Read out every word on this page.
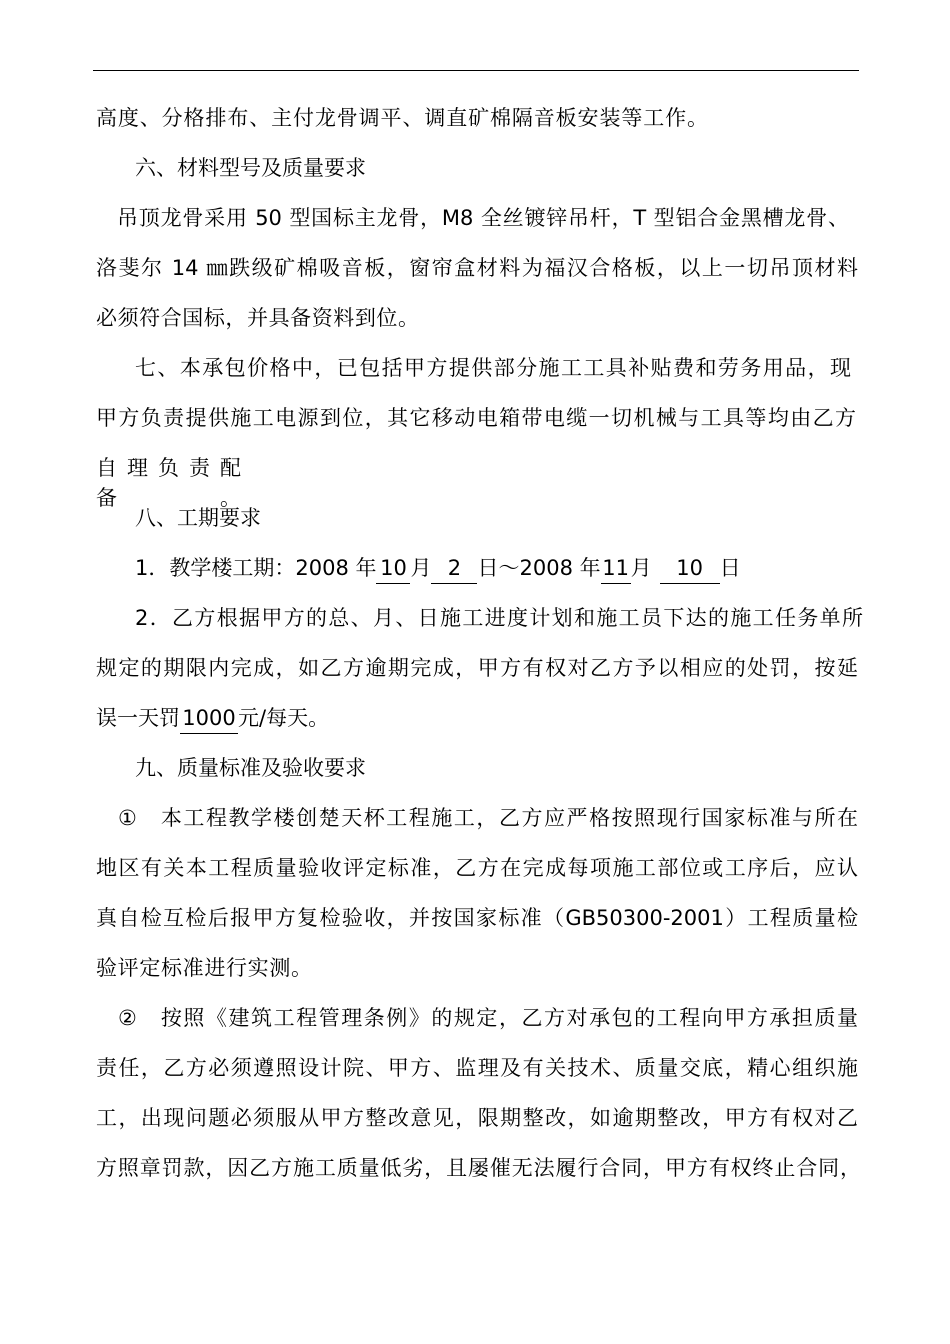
高度、分格排布、主付龙骨调平、调直矿棉隔音板安装等工作。
六、材料型号及质量要求
吊顶龙骨采用 50 型国标主龙骨，M8 全丝镀锌吊杆，T 型铝合金黑槽龙骨、
洛斐尔 14 ㎜跌级矿棉吸音板，窗帘盒材料为福汉合格板，以上一切吊顶材料
必须符合国标，并具备资料到位。
七、本承包价格中，已包括甲方提供部分施工工具补贴费和劳务用品，现
甲方负责提供施工电源到位，其它移动电箱带电缆一切机械与工具等均由乙方
自理负责配备。
八、工期要求
1．教学楼工期：2008 年 10 月 2 日～2008 年11月 10 日
2．乙方根据甲方的总、月、日施工进度计划和施工员下达的施工任务单所
规定的期限内完成，如乙方逾期完成，甲方有权对乙方予以相应的处罚，按延
误一天罚 1000 元/每天。
九、质量标准及验收要求
①　本工程教学楼创楚天杯工程施工，乙方应严格按照现行国家标准与所在
地区有关本工程质量验收评定标准，乙方在完成每项施工部位或工序后，应认
真自检互检后报甲方复检验收，并按国家标准（GB50300-2001）工程质量检
验评定标准进行实测。
②　按照《建筑工程管理条例》的规定，乙方对承包的工程向甲方承担质量
责任，乙方必须遵照设计院、甲方、监理及有关技术、质量交底，精心组织施
工，出现问题必须服从甲方整改意见，限期整改，如逾期整改，甲方有权对乙
方照章罚款，因乙方施工质量低劣，且屡催无法履行合同，甲方有权终止合同，
